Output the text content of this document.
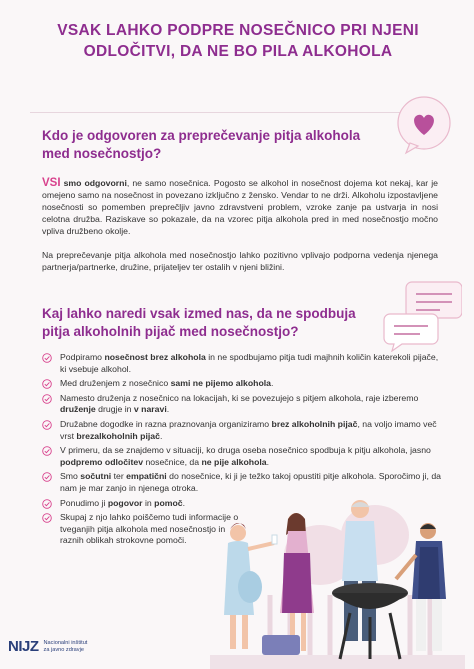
VSAK LAHKO PODPRE NOSEČNICO PRI NJENI ODLOČITVI, DA NE BO PILA ALKOHOLA
Kdo je odgovoren za preprečevanje pitja alkohola med nosečnostjo?
VSI smo odgovorni, ne samo nosečnica. Pogosto se alkohol in nosečnost dojema kot nekaj, kar je omejeno samo na nosečnost in povezano izključno z žensko. Vendar to ne drži. Alkoholu izpostavljene nosečnosti so pomemben preprečljiv javno zdravstveni problem, vzroke zanje pa ustvarja in nosi celotna družba. Raziskave so pokazale, da na vzorec pitja alkohola pred in med nosečnostjo močno vpliva družbeno okolje.
Na preprečevanje pitja alkohola med nosečnostjo lahko pozitivno vplivajo podporna vedenja njenega partnerja/partnerke, družine, prijateljev ter ostalih v njeni bližini.
Kaj lahko naredi vsak izmed nas, da ne spodbuja pitja alkoholnih pijač med nosečnostjo?
Podpiramo nosečnost brez alkohola in ne spodbujamo pitja tudi majhnih količin katerekoli pijače, ki vsebuje alkohol.
Med druženjem z nosečnico sami ne pijemo alkohola.
Namesto druženja z nosečnico na lokacijah, ki se povezujejo s pitjem alkohola, raje izberemo druženje drugje in v naravi.
Družabne dogodke in razna praznovanja organiziramo brez alkoholnih pijač, na voljo imamo več vrst brezalkoholnih pijač.
V primeru, da se znajdemo v situaciji, ko druga oseba nosečnico spodbuja k pitju alkohola, jasno podpremo odločitev nosečnice, da ne pije alkohola.
Smo sočutni ter empatični do nosečnice, ki ji je težko takoj opustiti pitje alkohola. Sporočimo ji, da nam je mar zanjo in njenega otroka.
Ponudimo ji pogovor in pomoč.
Skupaj z njo lahko poiščemo tudi informacije o tveganjih pitja alkohola med nosečnostjo in raznih oblikah strokovne pomoči.
NIJZ Nacionalni inštitut
za javno zdravje
